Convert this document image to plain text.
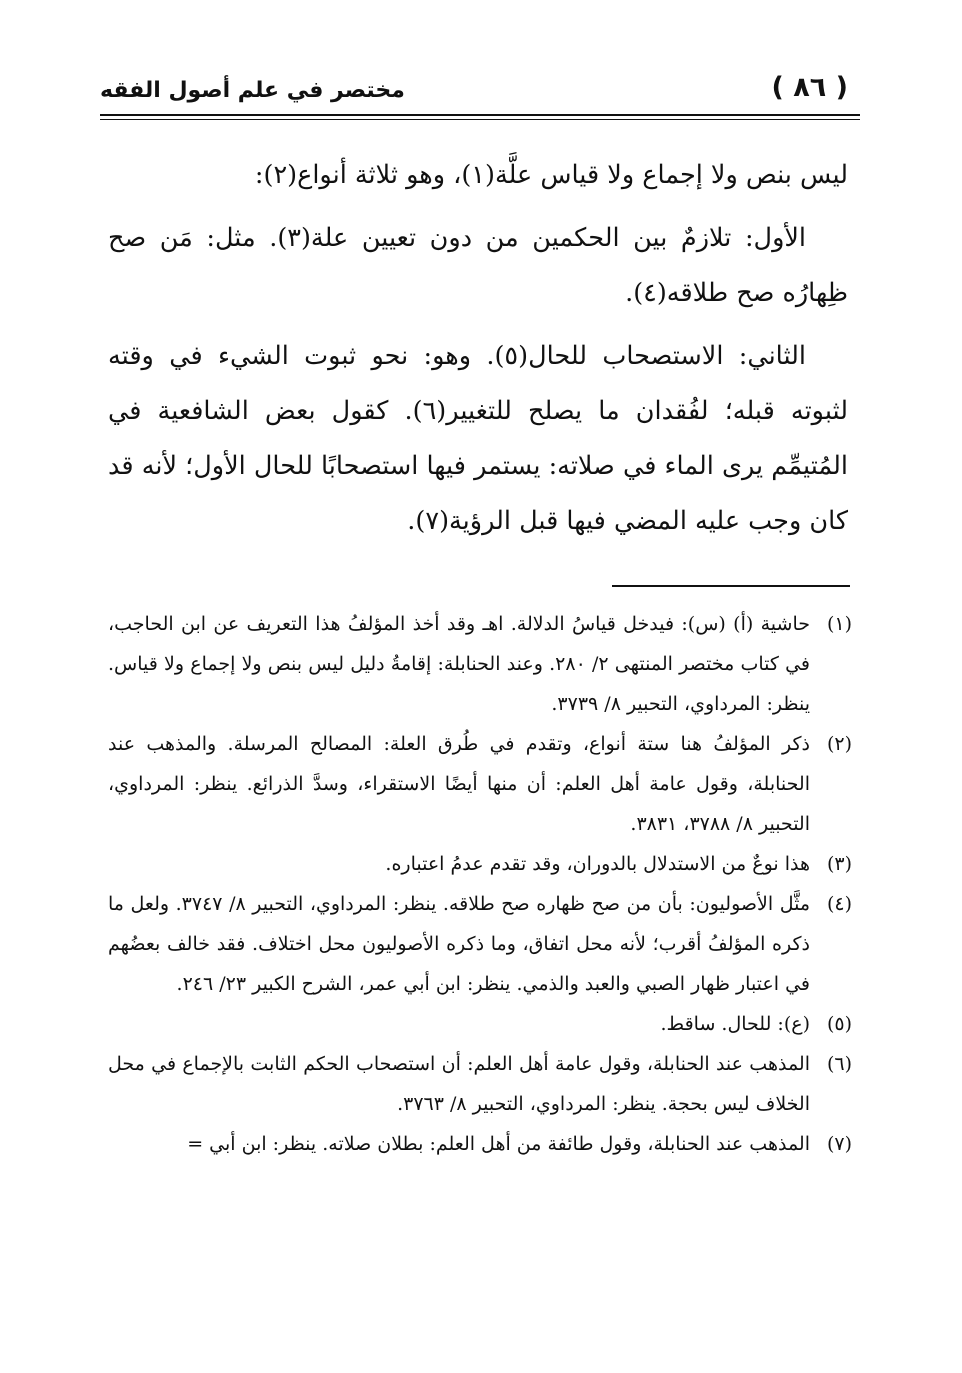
( ٨٦ )
مختصر في علم أصول الفقه

ليس بنص ولا إجماع ولا قياس علَّة(١)، وهو ثلاثة أنواع(٢):

الأول: تلازمٌ بين الحكمين من دون تعيين علة(٣). مثل: مَن صح ظِهارُه صح طلاقه(٤).

الثاني: الاستصحاب للحال(٥). وهو: نحو ثبوت الشيء في وقته لثبوته قبله؛ لفُقدان ما يصلح للتغيير(٦). كقول بعض الشافعية في المُتيمِّم يرى الماء في صلاته: يستمر فيها استصحابًا للحال الأول؛ لأنه قد كان وجب عليه المضي فيها قبل الرؤية(٧).

(١)
حاشية (أ) (س): فيدخل قياسُ الدلالة. اهـ وقد أخذ المؤلفُ هذا التعريف عن ابن الحاجب، في كتاب مختصر المنتهى ٢/ ٢٨٠. وعند الحنابلة: إقامةُ دليل ليس بنص ولا إجماع ولا قياس. ينظر: المرداوي، التحبير ٨/ ٣٧٣٩.
(٢)
ذكر المؤلفُ هنا ستة أنواع، وتقدم في طُرق العلة: المصالح المرسلة. والمذهب عند الحنابلة، وقول عامة أهل العلم: أن منها أيضًا الاستقراء، وسدَّ الذرائع. ينظر: المرداوي، التحبير ٨/ ٣٧٨٨، ٣٨٣١.
(٣)
هذا نوعٌ من الاستدلال بالدوران، وقد تقدم عدمُ اعتباره.
(٤)
مثَّل الأصوليون: بأن من صح ظهاره صح طلاقه. ينظر: المرداوي، التحبير ٨/ ٣٧٤٧. ولعل ما ذكره المؤلفُ أقرب؛ لأنه محل اتفاق، وما ذكره الأصوليون محل اختلاف. فقد خالف بعضُهم في اعتبار ظهار الصبي والعبد والذمي. ينظر: ابن أبي عمر، الشرح الكبير ٢٣/ ٢٤٦.
(٥)
(ع): للحال. ساقط.
(٦)
المذهب عند الحنابلة، وقول عامة أهل العلم: أن استصحاب الحكم الثابت بالإجماع في محل الخلاف ليس بحجة. ينظر: المرداوي، التحبير ٨/ ٣٧٦٣.
(٧)
المذهب عند الحنابلة، وقول طائفة من أهل العلم: بطلان صلاته. ينظر: ابن أبي =
